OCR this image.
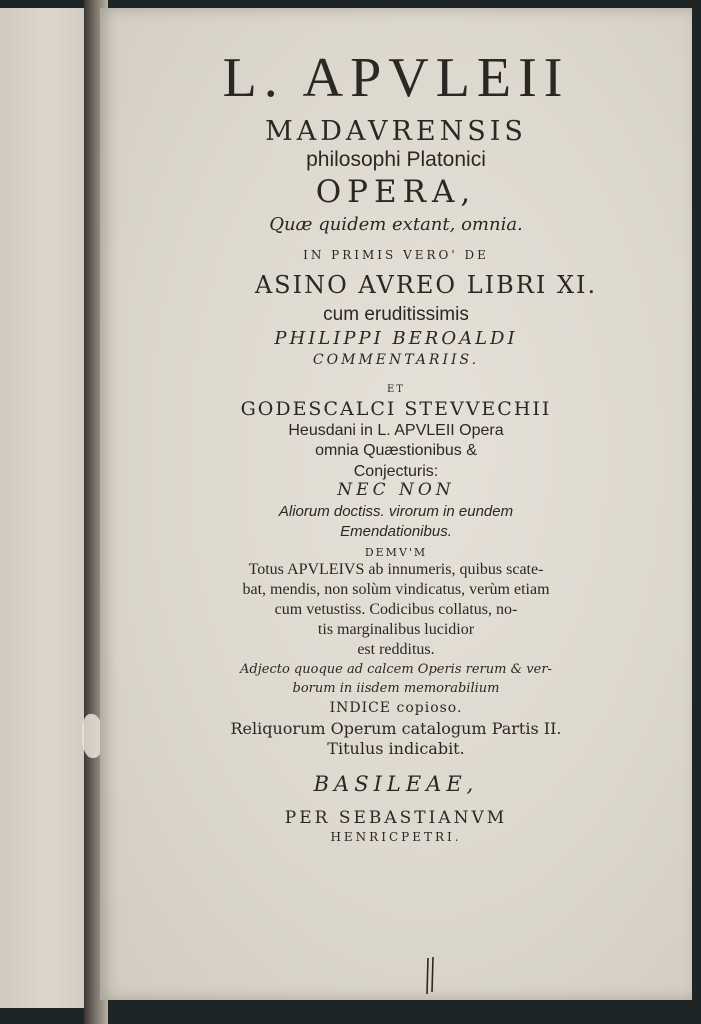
L. APVLEII
MADAVRENSIS
philosophi Platonici
OPERA,
Quæ quidem extant, omnia.
IN PRIMIS VERO' DE
ASINO AVREO LIBRI XI.
cum eruditissimis
PHILIPPI BEROALDI
COMMENTARIIS.
ET
GODESCALCI STEVVECHII
Heusdani in L. APVLEII Opera
omnia Quæstionibus &
Conjecturis:
NEC NON
Aliorum doctiss. virorum in eundem
Emendationibus.
DEMV'M
Totus APVLEIVS ab innumeris, quibus scate-
bat, mendis, non solùm vindicatus, verùm etiam
cum vetustiss. Codicibus collatus, no-
tis marginalibus lucidior
est redditus.
Adjecto quoque ad calcem Operis rerum & ver-
borum in iisdem memorabilium
INDICE copioso.
Reliquorum Operum catalogum Partis II.
Titulus indicabit.
BASILEAE,
PER SEBASTIANVM
HENRICPETRI.
